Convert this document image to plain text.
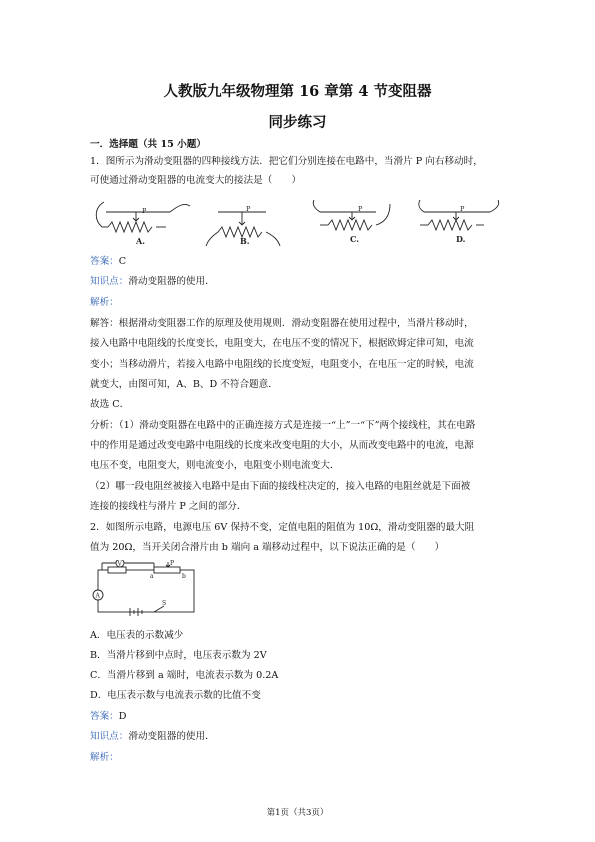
人教版九年级物理第 16 章第 4 节变阻器
同步练习
一．选择题（共 15 小题）
1．图所示为滑动变阻器的四种接线方法．把它们分别连接在电路中，当滑片 P 向右移动时，
可使通过滑动变阻器的电流变大的接法是（　　）
P	P	P	P
A.	B.	C.	D.
答案：C
知识点：滑动变阻器的使用．
解析：
解答：根据滑动变阻器工作的原理及使用规则．滑动变阻器在使用过程中，当滑片移动时，
接入电路中电阻线的长度变长，电阻变大，在电压不变的情况下，根据欧姆定律可知，电流
变小；当移动滑片，若接入电路中电阻线的长度变短，电阻变小，在电压一定的时候，电流
就变大，由图可知，A、B、D 不符合题意．
故选 C．
分析：（1）滑动变阻器在电路中的正确连接方式是连接一“上”一“下”两个接线柱，其在电路
中的作用是通过改变电路中电阻线的长度来改变电阻的大小，从而改变电路中的电流，电源
电压不变，电阻变大，则电流变小，电阻变小则电流变大．
（2）哪一段电阻丝被接入电路中是由下面的接线柱决定的，接入电路的电阻丝就是下面被
连接的接线柱与滑片 P 之间的部分．
2．如图所示电路，电源电压 6V 保持不变，定值电阻的阻值为 10Ω，滑动变阻器的最大阻
值为 20Ω，当开关闭合滑片由 b 端向 a 端移动过程中，以下说法正确的是（　　）
V
A
a	b
P
S
A．电压表的示数减少
B．当滑片移到中点时，电压表示数为 2V
C．当滑片移到 a 端时，电流表示数为 0.2A
D．电压表示数与电流表示数的比值不变
答案：D
知识点：滑动变阻器的使用．
解析：
第1页（共3页）
